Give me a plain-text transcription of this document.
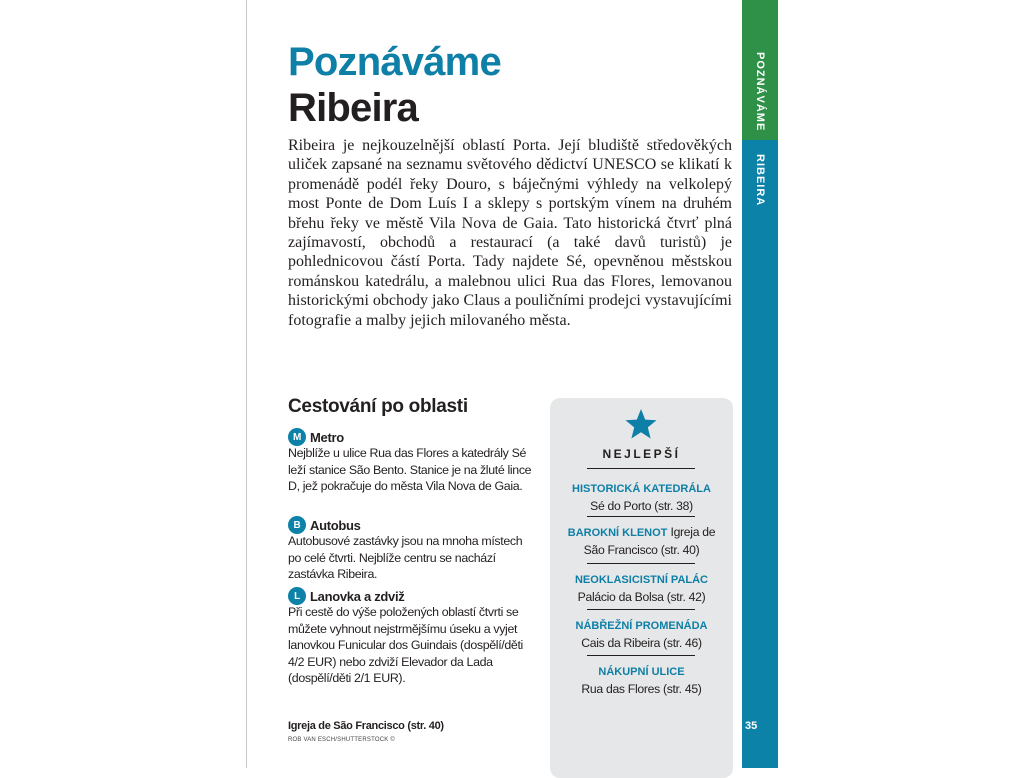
POZNÁVÁME
RIBEIRA
35
Poznáváme
Ribeira

Ribeira je nejkouzelnější oblastí Porta. Její bludiště středověkých uliček zapsané na seznamu světového dědictví UNESCO se klikatí k promenádě podél řeky Douro, s báječnými výhledy na velkolepý most Ponte de Dom Luís I a sklepy s portským vínem na druhém břehu řeky ve městě Vila Nova de Gaia. Tato historická čtvrť plná zajímavostí, obchodů a restaurací (a také davů turistů) je pohlednicovou částí Porta. Tady najdete Sé, opevněnou městskou románskou katedrálu, a malebnou ulici Rua das Flores, lemovanou historickými obchody jako Claus a pouličními prodejci vystavujícími fotografie a malby jejich milovaného města.

Cestování po oblasti
M Metro

Nejblíže u ulice Rua das Flores a katedrály Sé leží stanice São Bento. Stanice je na žluté lince D, jež pokračuje do města Vila Nova de Gaia.

B Autobus

Autobusové zastávky jsou na mnoha místech po celé čtvrti. Nejblíže centru se nachází zastávka Ribeira.

L Lanovka a zdviž

Při cestě do výše položených oblastí čtvrti se můžete vyhnout nejstrmějšímu úseku a vyjet lanovkou Funicular dos Guindais (dospělí/děti 4/2 EUR) nebo zdviží Elevador da Lada (dospělí/děti 2/1 EUR).

Igreja de São Francisco (str. 40)
ROB VAN ESCH/SHUTTERSTOCK ©
NEJLEPŠÍ
HISTORICKÁ KATEDRÁLA
Sé do Porto (str. 38)
BAROKNÍ KLENOT Igreja de São Francisco (str. 40)
NEOKLASICISTNÍ PALÁC
Palácio da Bolsa (str. 42)
NÁBŘEŽNÍ PROMENÁDA
Cais da Ribeira (str. 46)
NÁKUPNÍ ULICE
Rua das Flores (str. 45)
